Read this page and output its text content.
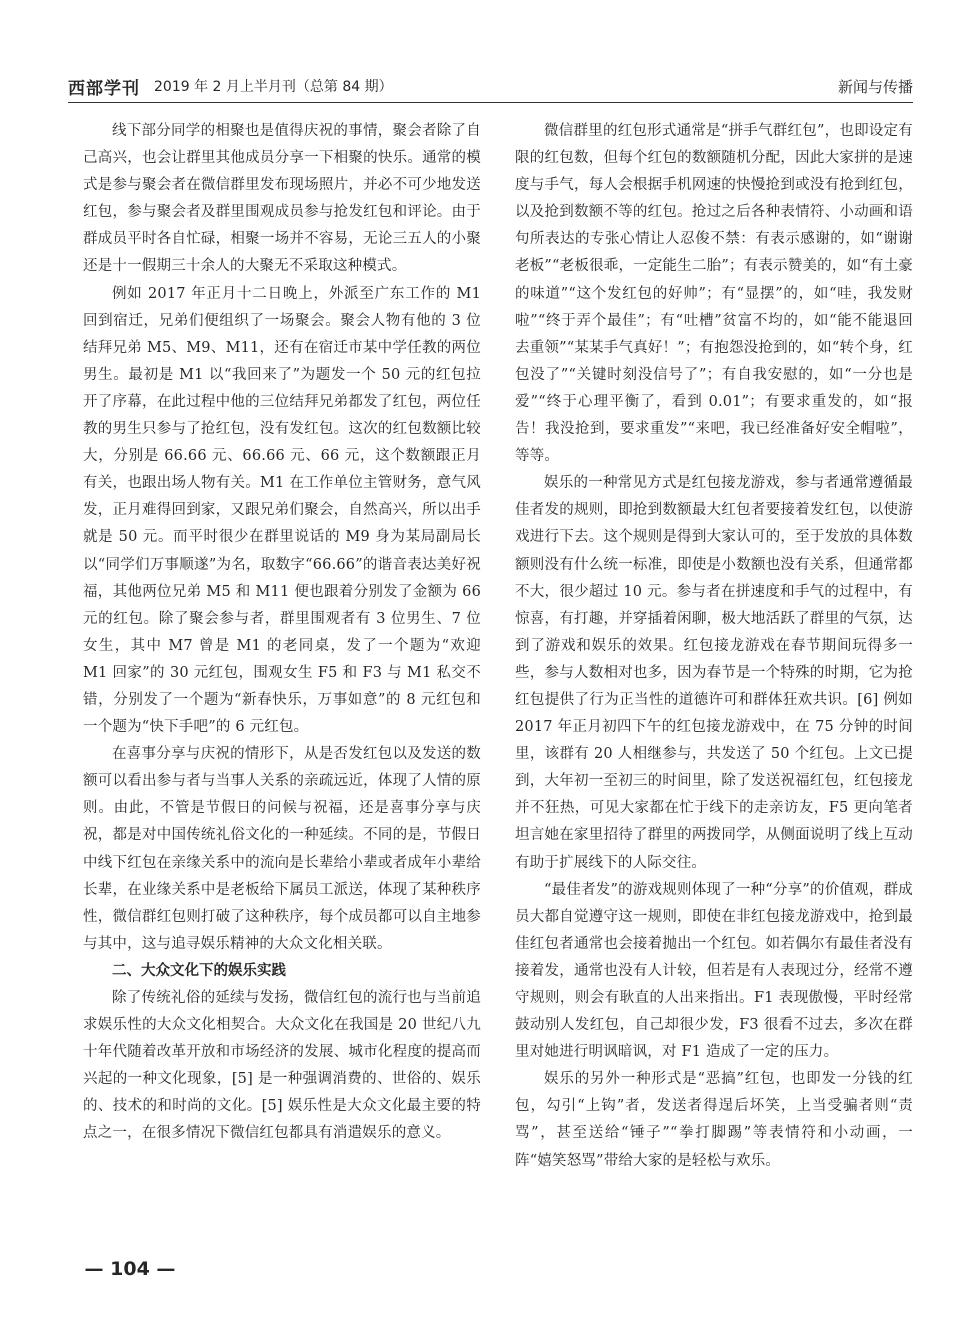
西部学刊 2019 年 2 月上半月刊（总第 84 期）	新闻与传播

线下部分同学的相聚也是值得庆祝的事情，聚会者除了自己高兴，也会让群里其他成员分享一下相聚的快乐。通常的模式是参与聚会者在微信群里发布现场照片，并必不可少地发送红包，参与聚会者及群里围观成员参与抢发红包和评论。由于群成员平时各自忙碌，相聚一场并不容易，无论三五人的小聚还是十一假期三十余人的大聚无不采取这种模式。

例如 2017 年正月十二日晚上，外派至广东工作的 M1 回到宿迁，兄弟们便组织了一场聚会。聚会人物有他的 3 位结拜兄弟 M5、M9、M11，还有在宿迁市某中学任教的两位男生。最初是 M1 以“我回来了”为题发一个 50 元的红包拉开了序幕，在此过程中他的三位结拜兄弟都发了红包，两位任教的男生只参与了抢红包，没有发红包。这次的红包数额比较大，分别是 66.66 元、66.66 元、66 元，这个数额跟正月有关，也跟出场人物有关。M1 在工作单位主管财务，意气风发，正月难得回到家，又跟兄弟们聚会，自然高兴，所以出手就是 50 元。而平时很少在群里说话的 M9 身为某局副局长以“同学们万事顺遂”为名，取数字“66.66”的谐音表达美好祝福，其他两位兄弟 M5 和 M11 便也跟着分别发了金额为 66 元的红包。除了聚会参与者，群里围观者有 3 位男生、7 位女生，其中 M7 曾是 M1 的老同桌，发了一个题为“欢迎 M1 回家”的 30 元红包，围观女生 F5 和 F3 与 M1 私交不错，分别发了一个题为“新春快乐，万事如意”的 8 元红包和一个题为“快下手吧”的 6 元红包。

在喜事分享与庆祝的情形下，从是否发红包以及发送的数额可以看出参与者与当事人关系的亲疏远近，体现了人情的原则。由此，不管是节假日的问候与祝福，还是喜事分享与庆祝，都是对中国传统礼俗文化的一种延续。不同的是，节假日中线下红包在亲缘关系中的流向是长辈给小辈或者成年小辈给长辈，在业缘关系中是老板给下属员工派送，体现了某种秩序性，微信群红包则打破了这种秩序，每个成员都可以自主地参与其中，这与追寻娱乐精神的大众文化相关联。

二、大众文化下的娱乐实践

除了传统礼俗的延续与发扬，微信红包的流行也与当前追求娱乐性的大众文化相契合。大众文化在我国是 20 世纪八九十年代随着改革开放和市场经济的发展、城市化程度的提高而兴起的一种文化现象，[5] 是一种强调消费的、世俗的、娱乐的、技术的和时尚的文化。[5] 娱乐性是大众文化最主要的特点之一，在很多情况下微信红包都具有消遣娱乐的意义。

微信群里的红包形式通常是“拼手气群红包”，也即设定有限的红包数，但每个红包的数额随机分配，因此大家拼的是速度与手气，每人会根据手机网速的快慢抢到或没有抢到红包，以及抢到数额不等的红包。抢过之后各种表情符、小动画和语句所表达的专张心情让人忍俊不禁：有表示感谢的，如“谢谢老板”“老板很乖，一定能生二胎”；有表示赞美的，如“有土豪的味道”“这个发红包的好帅”；有“显摆”的，如“哇，我发财啦”“终于弄个最佳”；有“吐槽”贫富不均的，如“能不能退回去重领”“某某手气真好！”；有抱怨没抢到的，如“转个身，红包没了”“关键时刻没信号了”；有自我安慰的，如“一分也是爱”“终于心理平衡了，看到 0.01”；有要求重发的，如“报告！我没抢到，要求重发”“来吧，我已经准备好安全帽啦”，等等。

娱乐的一种常见方式是红包接龙游戏，参与者通常遵循最佳者发的规则，即抢到数额最大红包者要接着发红包，以使游戏进行下去。这个规则是得到大家认可的，至于发放的具体数额则没有什么统一标准，即使是小数额也没有关系，但通常都不大，很少超过 10 元。参与者在拼速度和手气的过程中，有惊喜，有打趣，并穿插着闲聊，极大地活跃了群里的气氛，达到了游戏和娱乐的效果。红包接龙游戏在春节期间玩得多一些，参与人数相对也多，因为春节是一个特殊的时期，它为抢红包提供了行为正当性的道德许可和群体狂欢共识。[6] 例如 2017 年正月初四下午的红包接龙游戏中，在 75 分钟的时间里，该群有 20 人相继参与，共发送了 50 个红包。上文已提到，大年初一至初三的时间里，除了发送祝福红包，红包接龙并不狂热，可见大家都在忙于线下的走亲访友，F5 更向笔者坦言她在家里招待了群里的两拨同学，从侧面说明了线上互动有助于扩展线下的人际交往。

“最佳者发”的游戏规则体现了一种“分享”的价值观，群成员大都自觉遵守这一规则，即使在非红包接龙游戏中，抢到最佳红包者通常也会接着抛出一个红包。如若偶尔有最佳者没有接着发，通常也没有人计较，但若是有人表现过分，经常不遵守规则，则会有耿直的人出来指出。F1 表现傲慢，平时经常鼓动别人发红包，自己却很少发，F3 很看不过去，多次在群里对她进行明讽暗讽，对 F1 造成了一定的压力。

娱乐的另外一种形式是“恶搞”红包，也即发一分钱的红包，勾引“上钩”者，发送者得逞后坏笑，上当受骗者则“责骂”，甚至送给“锤子”“拳打脚踢”等表情符和小动画，一阵“嬉笑怒骂”带给大家的是轻松与欢乐。

— 104 —
